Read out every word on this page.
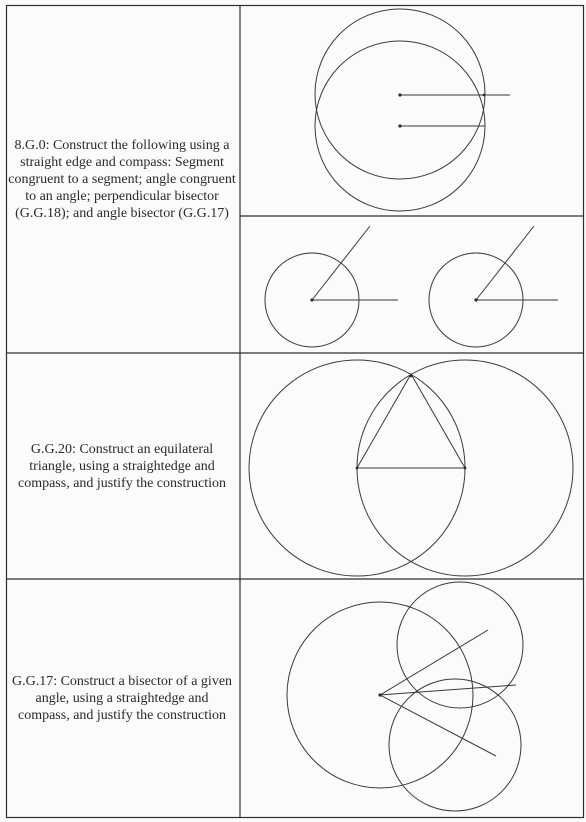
8.G.0: Construct the following using a straight edge and compass: Segment congruent to a segment; angle congruent to an angle; perpendicular bisector (G.G.18); and angle bisector (G.G.17)

G.G.20: Construct an equilateral triangle, using a straightedge and compass, and justify the construction

G.G.17: Construct a bisector of a given angle, using a straightedge and compass, and justify the construction
